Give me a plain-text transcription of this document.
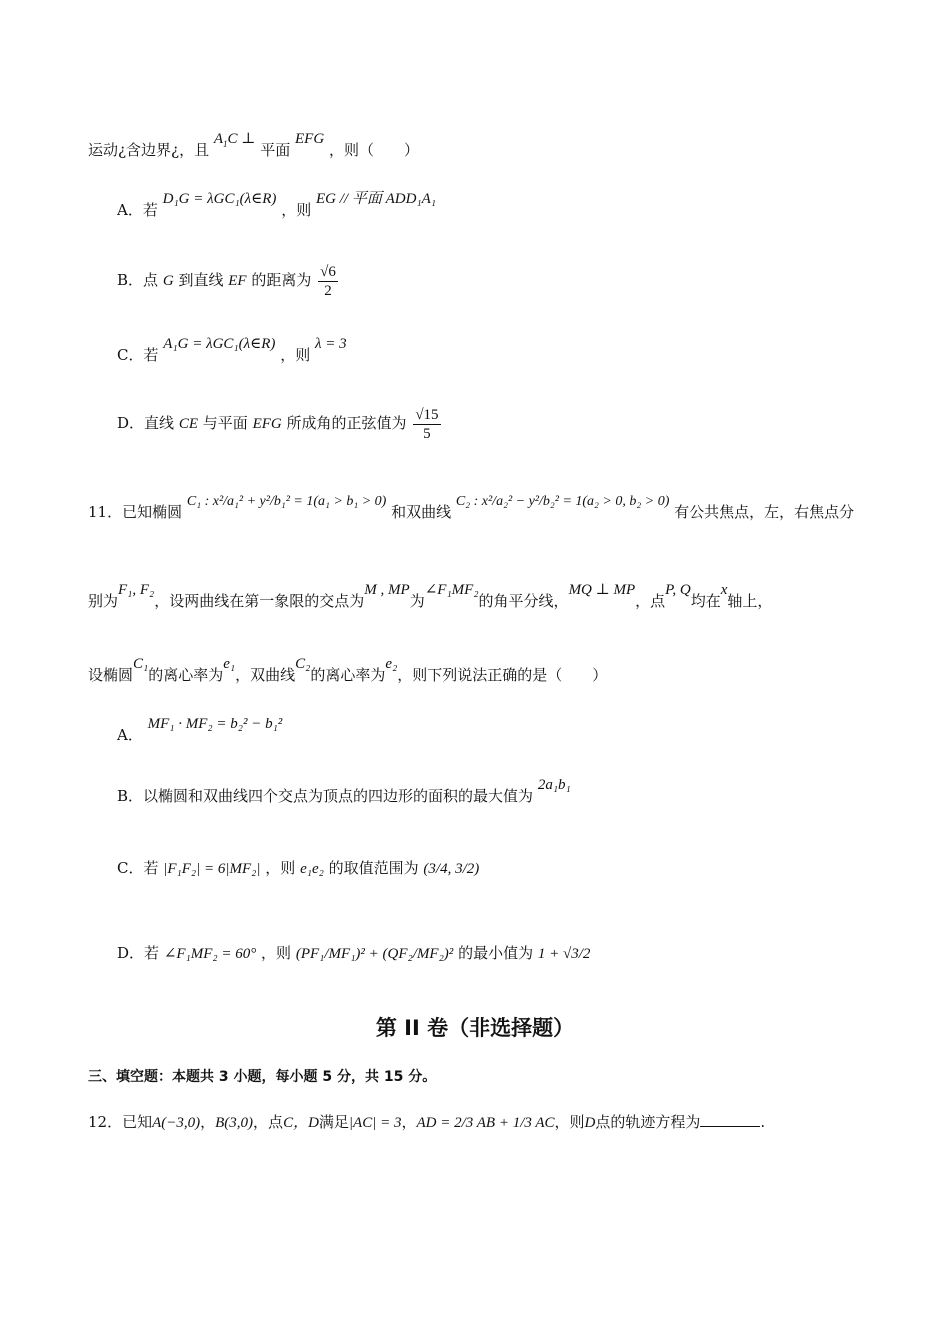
运动¿含边界¿，且 $A_1C$ ⊥ 平面 EFG ，则（　　）
A．若 D₁G = λGC₁(λ∈R) ，则 EG // 平面 ADD₁A₁
B．点 G 到直线 EF 的距离为 $\frac{√6}{2}$
C．若 A₁G = λGC₁(λ∈R) ，则 λ = 3
D．直线 CE 与平面 EFG 所成角的正弦值为 $\frac{√15}{5}$
11．已知椭圆 C₁ : x²/a₁² + y²/b₁² = 1(a₁ > b₁ > 0) 和双曲线 C₂ : x²/a₂² − y²/b₂² = 1(a₂ > 0, b₂ > 0) 有公共焦点，左，右焦点分
别为F₁, F₂，设两曲线在第一象限的交点为M , MP为∠F₁MF₂的角平分线，MQ ⊥ MP，点P, Q均在x轴上，
设椭圆C₁的离心率为e₁，双曲线C₂的离心率为e₂，则下列说法正确的是（　　）
A． MF₁ · MF₂ = b₂² − b₁²
B．以椭圆和双曲线四个交点为顶点的四边形的面积的最大值为 2a₁b₁
C．若 |F₁F₂| = 6|MF₂| ，则 e₁e₂ 的取值范围为 (3/4, 3/2)
D．若 ∠F₁MF₂ = 60° ，则 (PF₁/MF₁)² + (QF₂/MF₂)² 的最小值为 1 + √3/2
第 II 卷（非选择题）
三、填空题：本题共 3 小题，每小题 5 分，共 15 分。
12．已知A(−3,0)，B(3,0)，点C，D满足|AC| = 3，AD = 2/3 AB + 1/3 AC，则D点的轨迹方程为	.
